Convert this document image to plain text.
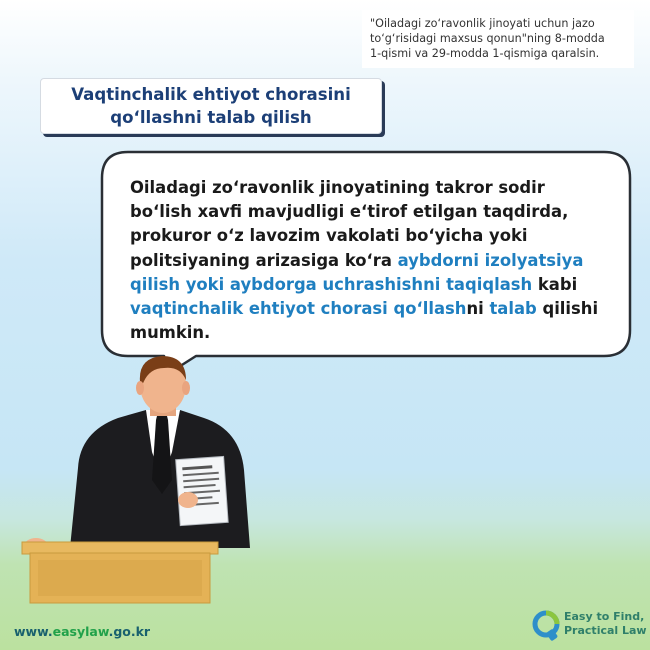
"Oiladagi zo‘ravonlik jinoyati uchun jazo
to‘g‘risidagi maxsus qonun"ning 8-modda
1-qismi va 29-modda 1-qismiga qaralsin.
Vaqtinchalik ehtiyot chorasini
qo‘llashni talab qilish
Oiladagi zo‘ravonlik jinoyatining takror sodir bo‘lish xavfi mavjudligi e‘tirof etilgan taqdirda, prokuror o‘z lavozim vakolati bo‘yicha yoki politsiyaning arizasiga ko‘ra aybdorni izolyatsiya qilish yoki aybdorga uchrashishni taqiqlash kabi vaqtinchalik ehtiyot chorasi qo‘llashni talab qilishi mumkin.
www.easylaw.go.kr
Easy to Find,
Practical Law
